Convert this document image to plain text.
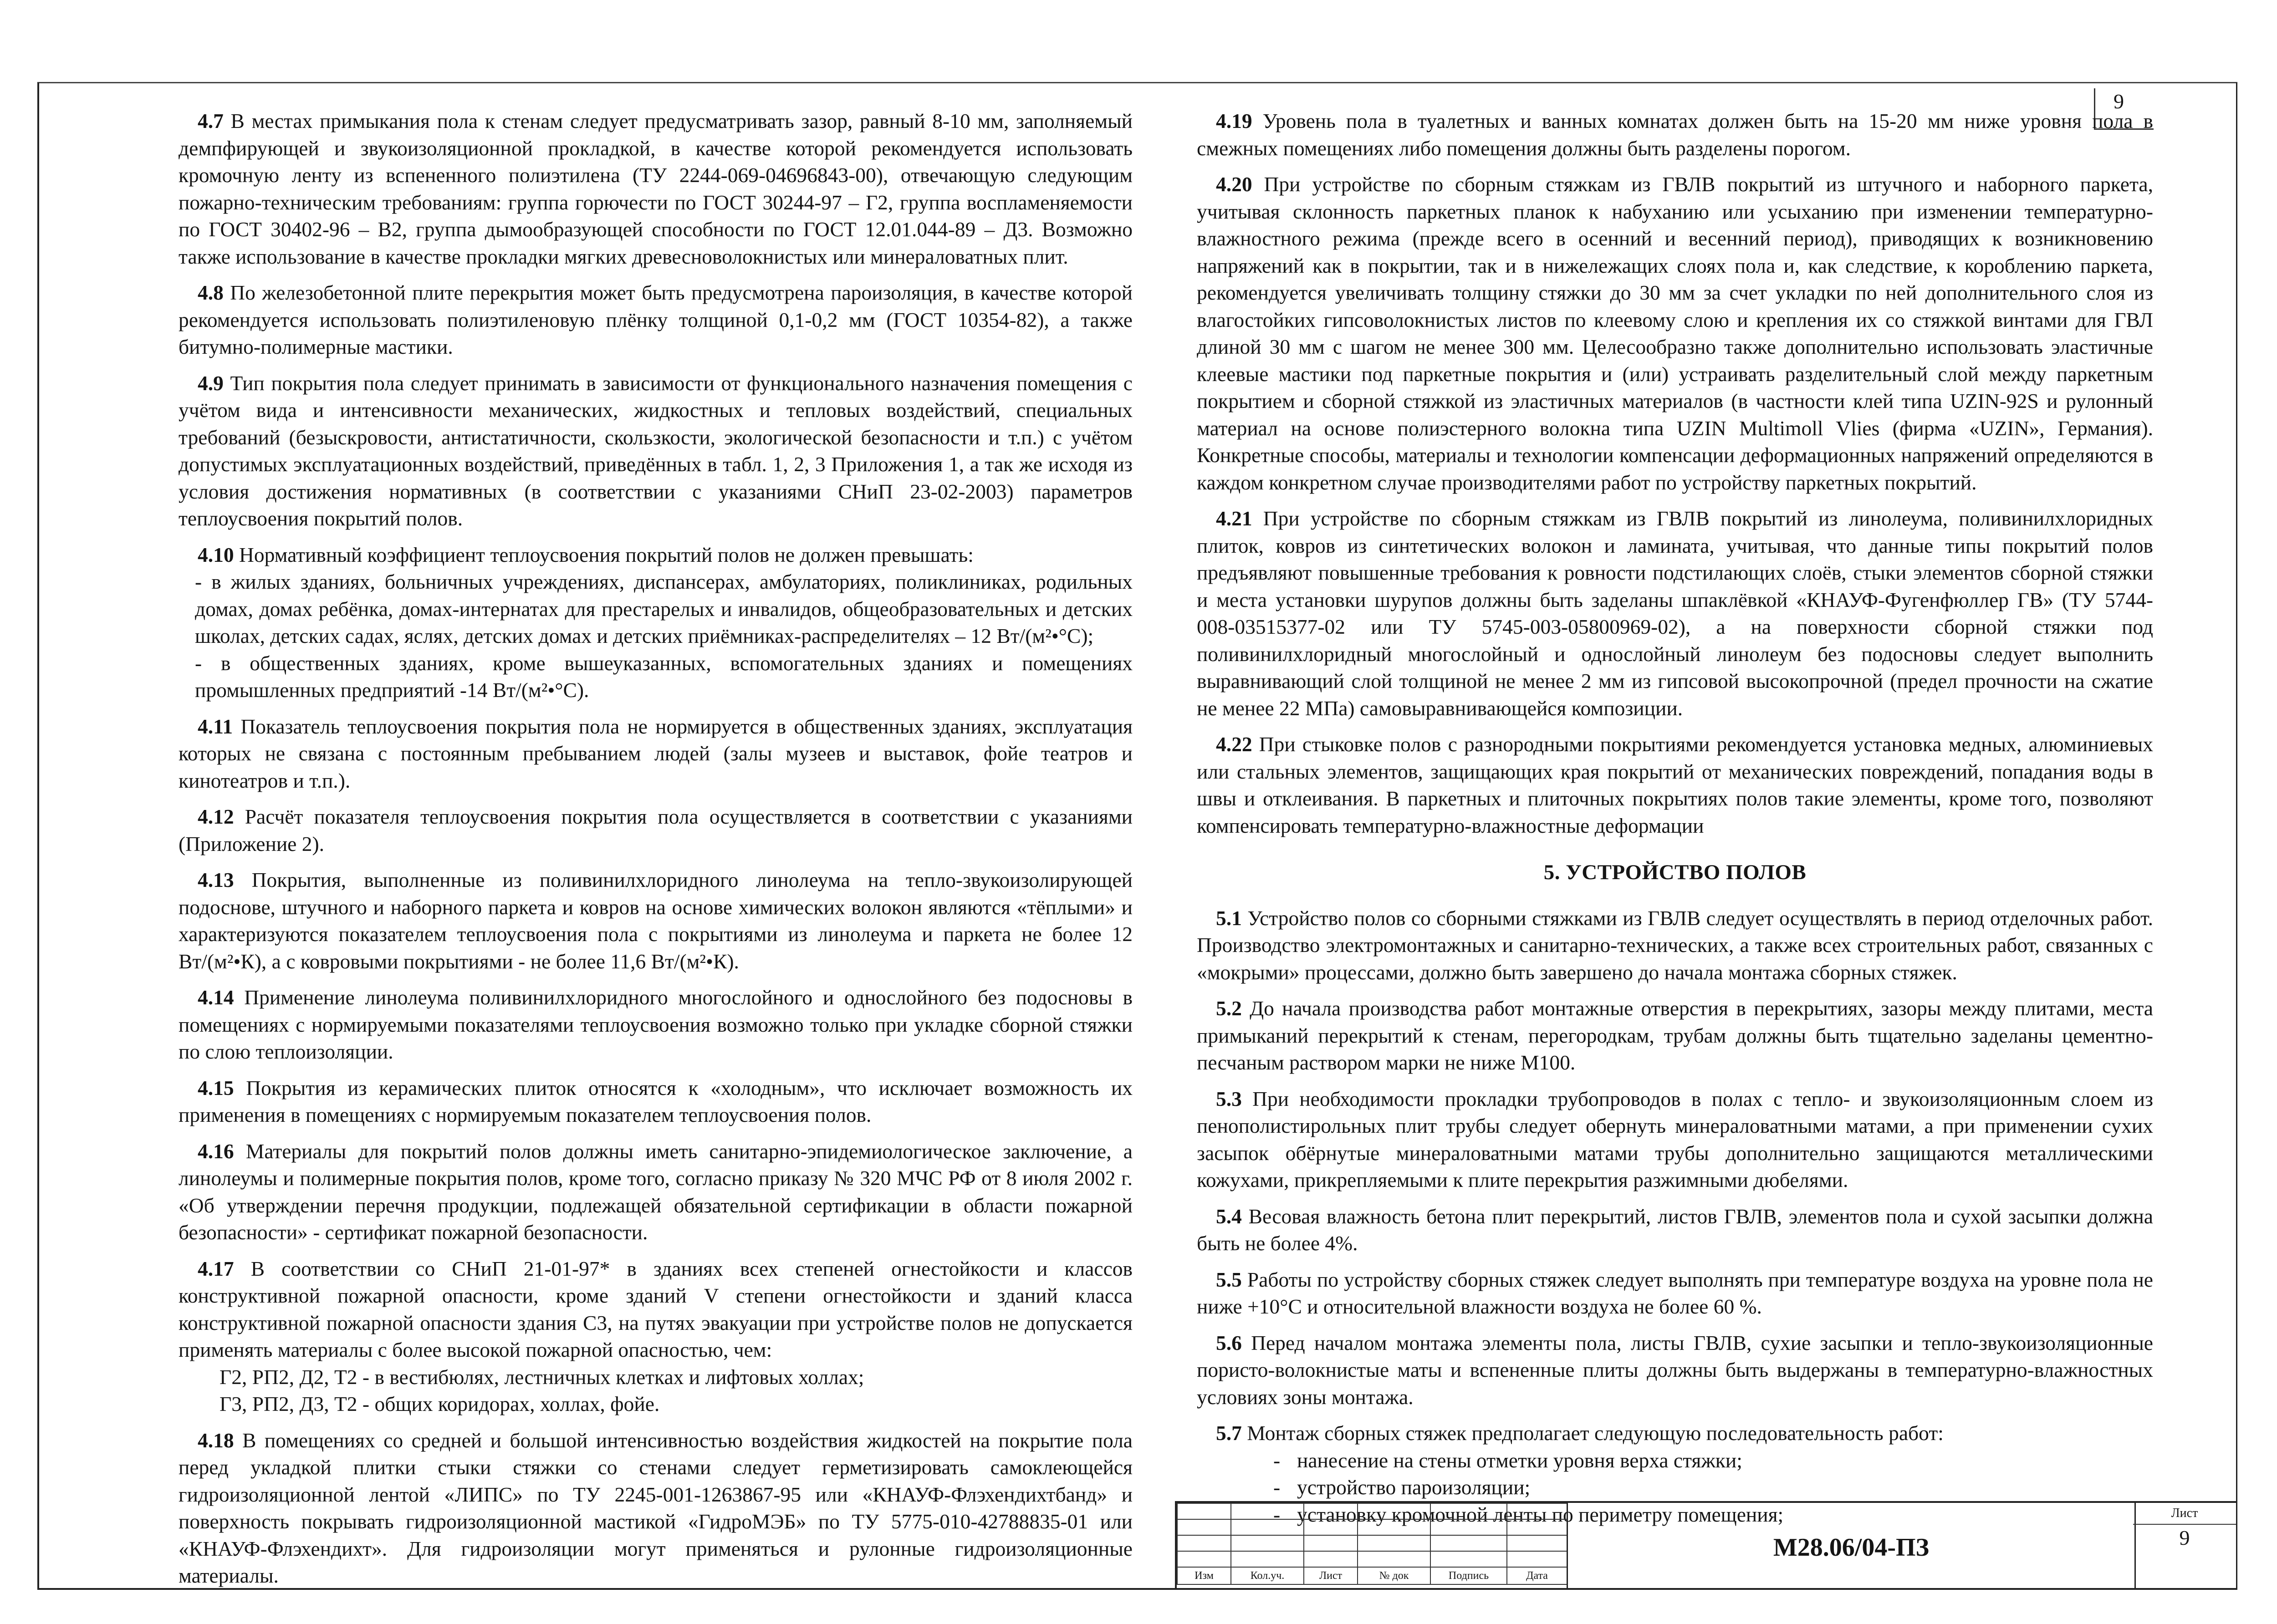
9

4.7 В местах примыкания пола к стенам следует предусматривать зазор, равный 8-10 мм, заполняемый демпфирующей и звукоизоляционной прокладкой, в качестве которой рекомендуется использовать кромочную ленту из вспененного полиэтилена (ТУ 2244-069-04696843-00), отвечающую следующим пожарно-техническим требованиям: группа горючести по ГОСТ 30244-97 – Г2, группа воспламеняемости по ГОСТ 30402-96 – В2, группа дымообразующей способности по ГОСТ 12.01.044-89 – Д3. Возможно также использование в качестве прокладки мягких древесноволокнистых или минераловатных плит.

4.8 По железобетонной плите перекрытия может быть предусмотрена пароизоляция, в качестве которой рекомендуется использовать полиэтиленовую плёнку толщиной 0,1-0,2 мм (ГОСТ 10354-82), а также битумно-полимерные мастики.

4.9 Тип покрытия пола следует принимать в зависимости от функционального назначения помещения с учётом вида и интенсивности механических, жидкостных и тепловых воздействий, специальных требований (безыскровости, антистатичности, скользкости, экологической безопасности и т.п.) с учётом допустимых эксплуатационных воздействий, приведённых в табл. 1, 2, 3 Приложения 1, а так же исходя из условия достижения нормативных (в соответствии с указаниями СНиП 23-02-2003) параметров теплоусвоения покрытий полов.

4.10 Нормативный коэффициент теплоусвоения покрытий полов не должен превышать:

- в жилых зданиях, больничных учреждениях, диспансерах, амбулаториях, поликлиниках, родильных домах, домах ребёнка, домах-интернатах для престарелых и инвалидов, общеобразовательных и детских школах, детских садах, яслях, детских домах и детских приёмниках-распределителях – 12 Вт/(м²•°С);

- в общественных зданиях, кроме вышеуказанных, вспомогательных зданиях и помещениях промышленных предприятий -14 Вт/(м²•°С).

4.11 Показатель теплоусвоения покрытия пола не нормируется в общественных зданиях, эксплуатация которых не связана с постоянным пребыванием людей (залы музеев и выставок, фойе театров и кинотеатров и т.п.).

4.12 Расчёт показателя теплоусвоения покрытия пола осуществляется в соответствии с указаниями (Приложение 2).

4.13 Покрытия, выполненные из поливинилхлоридного линолеума на тепло-звукоизолирующей подоснове, штучного и наборного паркета и ковров на основе химических волокон являются «тёплыми» и характеризуются показателем теплоусвоения пола с покрытиями из линолеума и паркета не более 12 Вт/(м²•К), а с ковровыми покрытиями - не более 11,6 Вт/(м²•К).

4.14 Применение линолеума поливинилхлоридного многослойного и однослойного без подосновы в помещениях с нормируемыми показателями теплоусвоения возможно только при укладке сборной стяжки по слою теплоизоляции.

4.15 Покрытия из керамических плиток относятся к «холодным», что исключает возможность их применения в помещениях с нормируемым показателем теплоусвоения полов.

4.16 Материалы для покрытий полов должны иметь санитарно-эпидемиологическое заключение, а линолеумы и полимерные покрытия полов, кроме того, согласно приказу № 320 МЧС РФ от 8 июля 2002 г. «Об утверждении перечня продукции, подлежащей обязательной сертификации в области пожарной безопасности» - сертификат пожарной безопасности.

4.17 В соответствии со СНиП 21-01-97* в зданиях всех степеней огнестойкости и классов конструктивной пожарной опасности, кроме зданий V степени огнестойкости и зданий класса конструктивной пожарной опасности здания С3, на путях эвакуации при устройстве полов не допускается применять материалы с более высокой пожарной опасностью, чем:

Г2, РП2, Д2, Т2 - в вестибюлях, лестничных клетках и лифтовых холлах;

Г3, РП2, Д3, Т2 - общих коридорах, холлах, фойе.

4.18 В помещениях со средней и большой интенсивностью воздействия жидкостей на покрытие пола перед укладкой плитки стыки стяжки со стенами следует герметизировать самоклеющейся гидроизоляционной лентой «ЛИПС» по ТУ 2245-001-1263867-95 или «КНАУФ-Флэхендихтбанд» и поверхность покрывать гидроизоляционной мастикой «ГидроМЭБ» по ТУ 5775-010-42788835-01 или «КНАУФ-Флэхендихт». Для гидроизоляции могут применяться и рулонные гидроизоляционные материалы.

4.19 Уровень пола в туалетных и ванных комнатах должен быть на 15-20 мм ниже уровня пола в смежных помещениях либо помещения должны быть разделены порогом.

4.20 При устройстве по сборным стяжкам из ГВЛВ покрытий из штучного и наборного паркета, учитывая склонность паркетных планок к набуханию или усыханию при изменении температурно-влажностного режима (прежде всего в осенний и весенний период), приводящих к возникновению напряжений как в покрытии, так и в нижележащих слоях пола и, как следствие, к короблению паркета, рекомендуется увеличивать толщину стяжки до 30 мм за счет укладки по ней дополнительного слоя из влагостойких гипсоволокнистых листов по клеевому слою и крепления их со стяжкой винтами для ГВЛ длиной 30 мм с шагом не менее 300 мм. Целесообразно также дополнительно использовать эластичные клеевые мастики под паркетные покрытия и (или) устраивать разделительный слой между паркетным покрытием и сборной стяжкой из эластичных материалов (в частности клей типа UZIN-92S и рулонный материал на основе полиэстерного волокна типа UZIN Multimoll Vlies (фирма «UZIN», Германия). Конкретные способы, материалы и технологии компенсации деформационных напряжений определяются в каждом конкретном случае производителями работ по устройству паркетных покрытий.

4.21 При устройстве по сборным стяжкам из ГВЛВ покрытий из линолеума, поливинилхлоридных плиток, ковров из синтетических волокон и ламината, учитывая, что данные типы покрытий полов предъявляют повышенные требования к ровности подстилающих слоёв, стыки элементов сборной стяжки и места установки шурупов должны быть заделаны шпаклёвкой «КНАУФ-Фугенфюллер ГВ» (ТУ 5744-008-03515377-02 или ТУ 5745-003-05800969-02), а на поверхности сборной стяжки под поливинилхлоридный многослойный и однослойный линолеум без подосновы следует выполнить выравнивающий слой толщиной не менее 2 мм из гипсовой высокопрочной (предел прочности на сжатие не менее 22 МПа) самовыравнивающейся композиции.

4.22 При стыковке полов с разнородными покрытиями рекомендуется установка медных, алюминиевых или стальных элементов, защищающих края покрытий от механических повреждений, попадания воды в швы и отклеивания. В паркетных и плиточных покрытиях полов такие элементы, кроме того, позволяют компенсировать температурно-влажностные деформации

5. УСТРОЙСТВО ПОЛОВ

5.1 Устройство полов со сборными стяжками из ГВЛВ следует осуществлять в период отделочных работ. Производство электромонтажных и санитарно-технических, а также всех строительных работ, связанных с «мокрыми» процессами, должно быть завершено до начала монтажа сборных стяжек.

5.2 До начала производства работ монтажные отверстия в перекрытиях, зазоры между плитами, места примыканий перекрытий к стенам, перегородкам, трубам должны быть тщательно заделаны цементно-песчаным раствором марки не ниже М100.

5.3 При необходимости прокладки трубопроводов в полах с тепло- и звукоизоляционным слоем из пенополистирольных плит трубы следует обернуть минераловатными матами, а при применении сухих засыпок обёрнутые минераловатными матами трубы дополнительно защищаются металлическими кожухами, прикрепляемыми к плите перекрытия разжимными дюбелями.

5.4 Весовая влажность бетона плит перекрытий, листов ГВЛВ, элементов пола и сухой засыпки должна быть не более 4%.

5.5 Работы по устройству сборных стяжек следует выполнять при температуре воздуха на уровне пола не ниже +10°С и относительной влажности воздуха не более 60 %.

5.6 Перед началом монтажа элементы пола, листы ГВЛВ, сухие засыпки и тепло-звукоизоляционные пористо-волокнистые маты и вспененные плиты должны быть выдержаны в температурно-влажностных условиях зоны монтажа.

5.7 Монтаж сборных стяжек предполагает следующую последовательность работ:

- нанесение на стены отметки уровня верха стяжки;

- устройство пароизоляции;

- установку кромочной ленты по периметру помещения;

Изм	Кол.уч.	Лист	№ док	Подпись	Дата
М28.06/04-ПЗ
Лист
9
